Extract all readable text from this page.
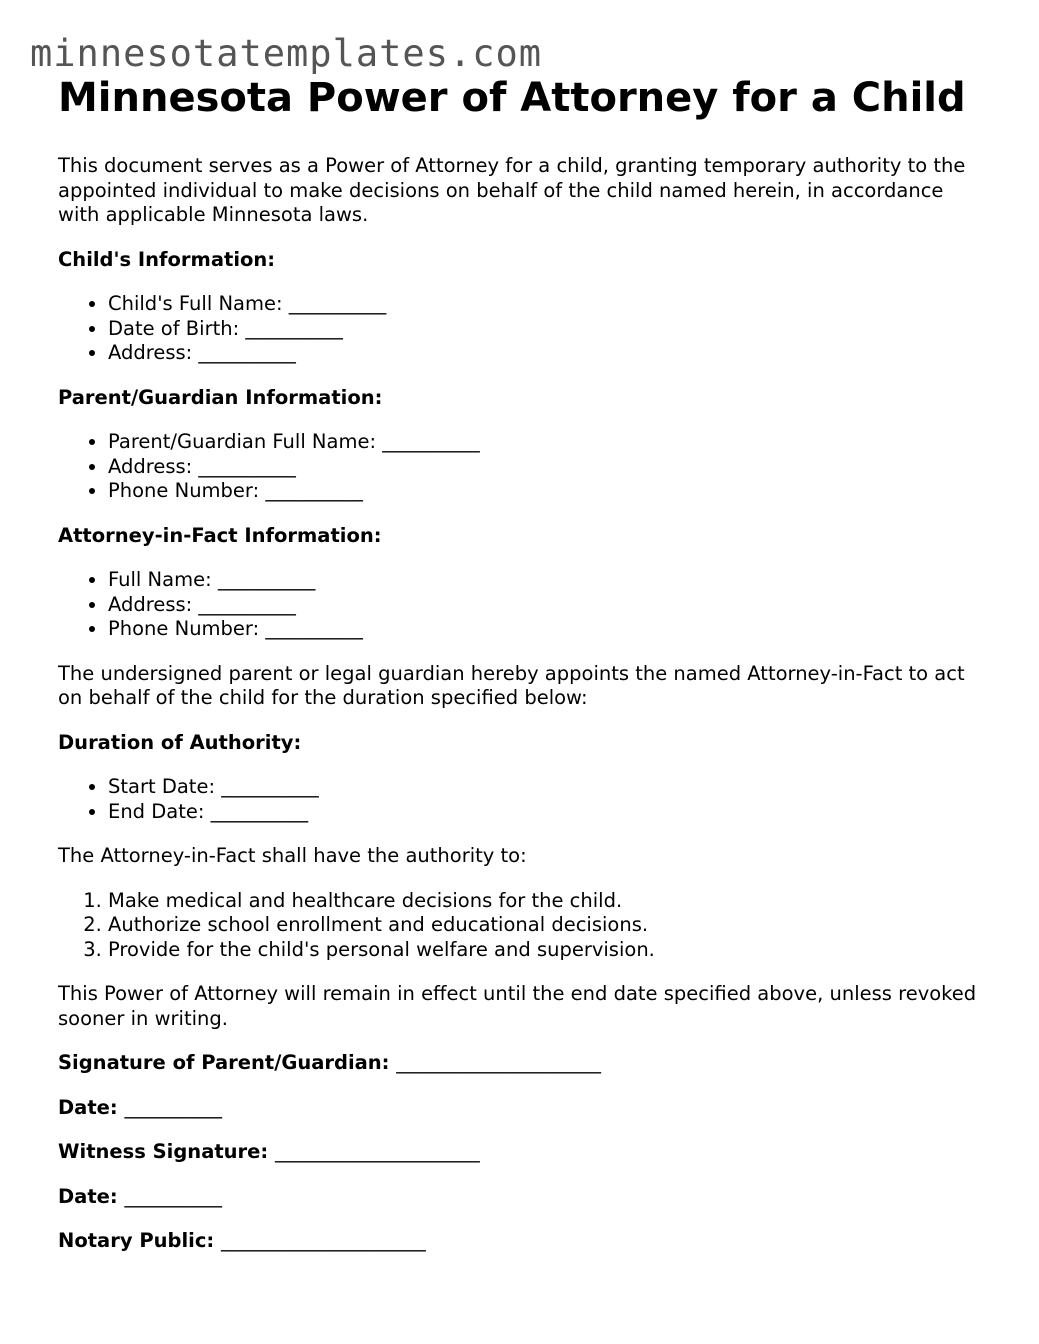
minnesotatemplates.com
Minnesota Power of Attorney for a Child

This document serves as a Power of Attorney for a child, granting temporary authority to the appointed individual to make decisions on behalf of the child named herein, in accordance with applicable Minnesota laws.

Child's Information:

• Child's Full Name: __________
• Date of Birth: __________
• Address: __________

Parent/Guardian Information:

• Parent/Guardian Full Name: __________
• Address: __________
• Phone Number: __________

Attorney-in-Fact Information:

• Full Name: __________
• Address: __________
• Phone Number: __________

The undersigned parent or legal guardian hereby appoints the named Attorney-in-Fact to act on behalf of the child for the duration specified below:

Duration of Authority:

• Start Date: __________
• End Date: __________

The Attorney-in-Fact shall have the authority to:

1. Make medical and healthcare decisions for the child.
2. Authorize school enrollment and educational decisions.
3. Provide for the child's personal welfare and supervision.

This Power of Attorney will remain in effect until the end date specified above, unless revoked sooner in writing.

Signature of Parent/Guardian: _____________________

Date: __________

Witness Signature: _____________________

Date: __________

Notary Public: _____________________
